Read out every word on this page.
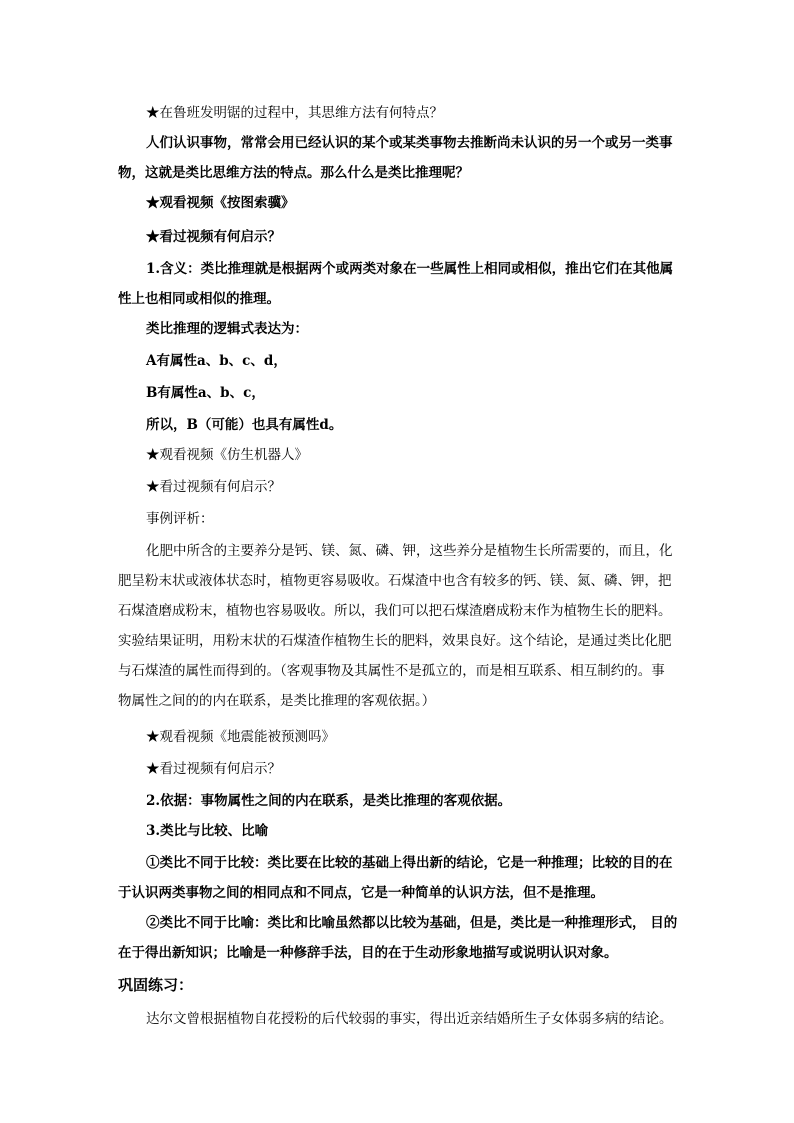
★在鲁班发明锯的过程中，其思维方法有何特点？

人们认识事物，常常会用已经认识的某个或某类事物去推断尚未认识的另一个或另一类事物，这就是类比思维方法的特点。那么什么是类比推理呢？

★观看视频《按图索骥》

★看过视频有何启示？

1.含义：类比推理就是根据两个或两类对象在一些属性上相同或相似，推出它们在其他属性上也相同或相似的推理。

类比推理的逻辑式表达为：

A有属性a、b、c、d，

B有属性a、b、c，

所以，B（可能）也具有属性d。

★观看视频《仿生机器人》

★看过视频有何启示？

事例评析：

化肥中所含的主要养分是钙、镁、氮、磷、钾，这些养分是植物生长所需要的，而且，化肥呈粉末状或液体状态时，植物更容易吸收。石煤渣中也含有较多的钙、镁、氮、磷、钾，把石煤渣磨成粉末，植物也容易吸收。所以，我们可以把石煤渣磨成粉末作为植物生长的肥料。实验结果证明，用粉末状的石煤渣作植物生长的肥料，效果良好。这个结论，是通过类比化肥与石煤渣的属性而得到的。（客观事物及其属性不是孤立的，而是相互联系、相互制约的。事物属性之间的的内在联系，是类比推理的客观依据。）

★观看视频《地震能被预测吗》

★看过视频有何启示？

2.依据：事物属性之间的内在联系，是类比推理的客观依据。

3.类比与比较、比喻

①类比不同于比较：类比要在比较的基础上得出新的结论，它是一种推理；比较的目的在于认识两类事物之间的相同点和不同点，它是一种简单的认识方法，但不是推理。

②类比不同于比喻：类比和比喻虽然都以比较为基础，但是，类比是一种推理形式， 目的在于得出新知识；比喻是一种修辞手法，目的在于生动形象地描写或说明认识对象。

巩固练习：

达尔文曾根据植物自花授粉的后代较弱的事实，得出近亲结婚所生子女体弱多病的结论。
